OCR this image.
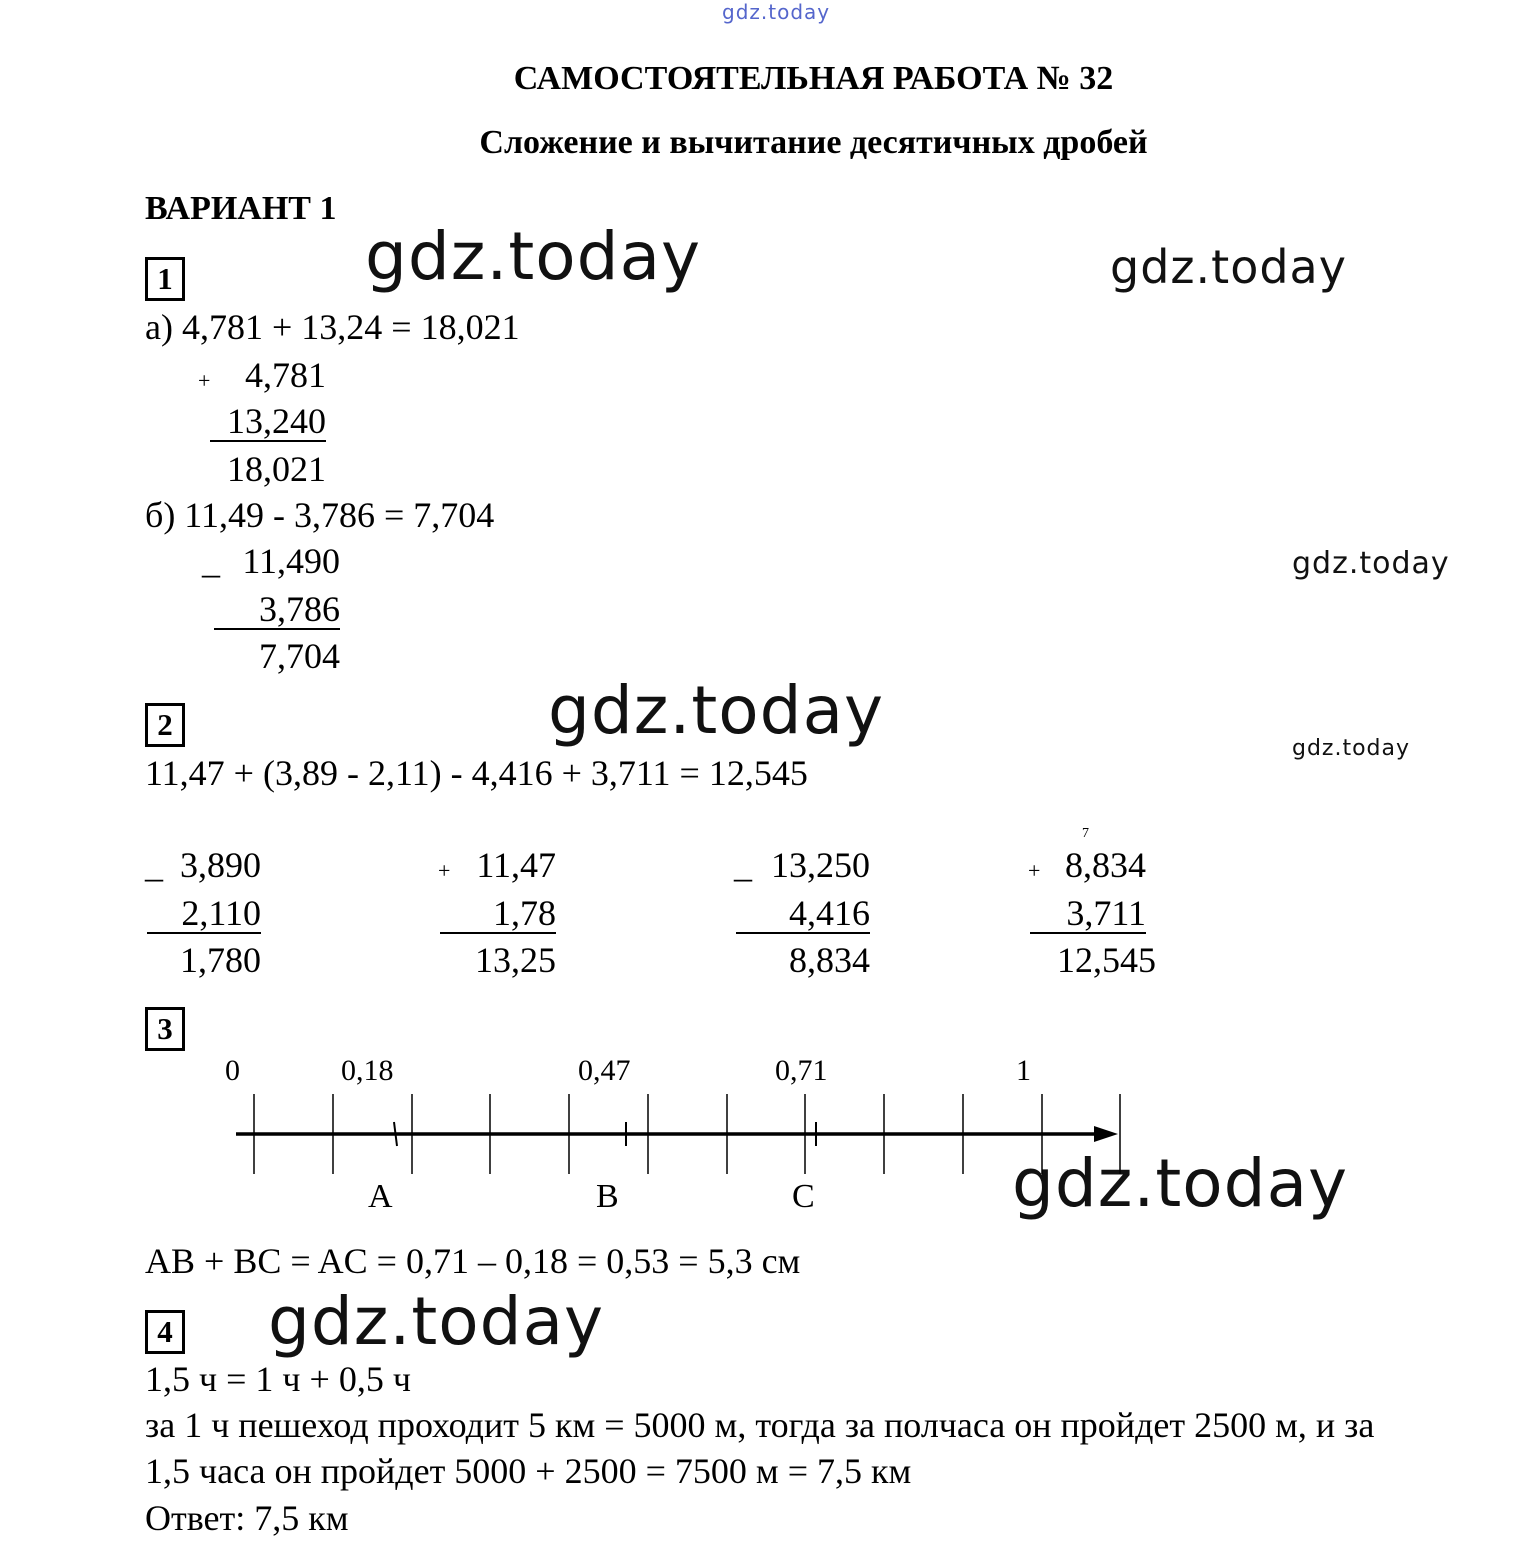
gdz.today
gdz.today	gdz.today
gdz.today
gdz.today	gdz.today
gdz.today
gdz.today
САМОСТОЯТЕЛЬНАЯ РАБОТА № 32
Сложение и вычитание десятичных дробей
ВАРИАНТ 1
1
а) 4,781 + 13,24 = 18,021
+ 4,781
13,240
18,021
б) 11,49 - 3,786 = 7,704
_ 11,490
3,786
7,704
2
11,47 + (3,89 - 2,11) - 4,416 + 3,711 = 12,545
_ 3,890
2,110
1,780
+ 11,47
1,78
13,25
_ 13,250
4,416
8,834
7
+ 8,834
3,711
12,545
3
0	0,18	0,47	0,71	1
A	B	C
AB + BC = AC = 0,71 – 0,18 = 0,53 = 5,3 см
4
1,5 ч = 1 ч + 0,5 ч
за 1 ч пешеход проходит 5 км = 5000 м, тогда за полчаса он пройдет 2500 м, и за
1,5 часа он пройдет 5000 + 2500 = 7500 м = 7,5 км
Ответ: 7,5 км
